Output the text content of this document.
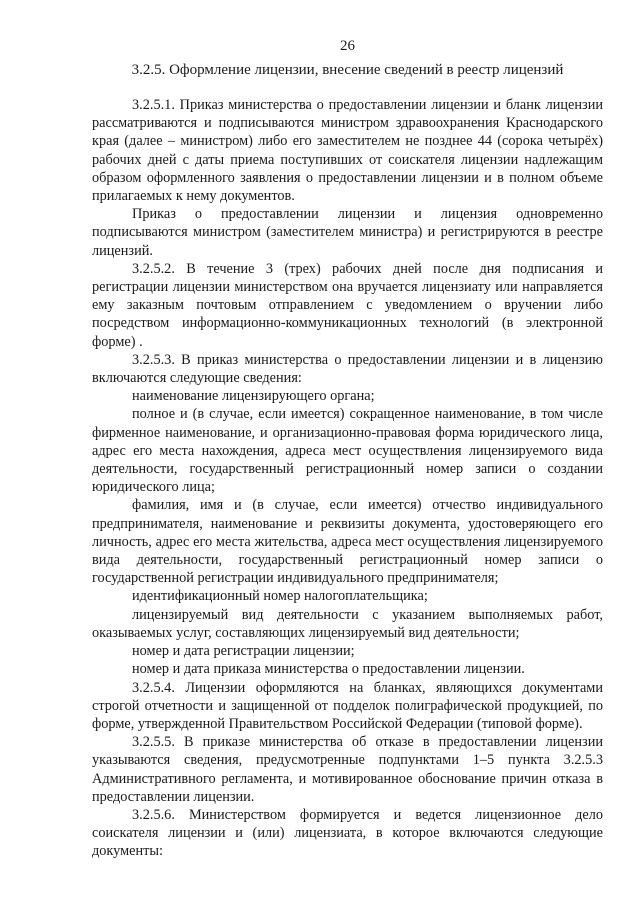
26
3.2.5. Оформление лицензии, внесение сведений в реестр лицензий

3.2.5.1. Приказ министерства о предоставлении лицензии и бланк лицензии рассматриваются и подписываются министром здравоохранения Краснодарского края (далее – министром) либо его заместителем не позднее 44 (сорока четырёх) рабочих дней с даты приема поступивших от соискателя лицензии надлежащим образом оформленного заявления о предоставлении лицензии и в полном объеме прилагаемых к нему документов.

Приказ о предоставлении лицензии и лицензия одновременно подписываются министром (заместителем министра) и регистрируются в реестре лицензий.

3.2.5.2. В течение 3 (трех) рабочих дней после дня подписания и регистрации лицензии министерством она вручается лицензиату или направляется ему заказным почтовым отправлением с уведомлением о вручении либо посредством информационно-коммуникационных технологий (в электронной форме) .

3.2.5.3. В приказ министерства о предоставлении лицензии и в лицензию включаются следующие сведения:

наименование лицензирующего органа;

полное и (в случае, если имеется) сокращенное наименование, в том числе фирменное наименование, и организационно-правовая форма юридического лица, адрес его места нахождения, адреса мест осуществления лицензируемого вида деятельности, государственный регистрационный номер записи о создании юридического лица;

фамилия, имя и (в случае, если имеется) отчество индивидуального предпринимателя, наименование и реквизиты документа, удостоверяющего его личность, адрес его места жительства, адреса мест осуществления лицензируемого вида деятельности, государственный регистрационный номер записи о государственной регистрации индивидуального предпринимателя;

идентификационный номер налогоплательщика;

лицензируемый вид деятельности с указанием выполняемых работ, оказываемых услуг, составляющих лицензируемый вид деятельности;

номер и дата регистрации лицензии;

номер и дата приказа министерства о предоставлении лицензии.

3.2.5.4. Лицензии оформляются на бланках, являющихся документами строгой отчетности и защищенной от подделок полиграфической продукцией, по форме, утвержденной Правительством Российской Федерации (типовой форме).

3.2.5.5. В приказе министерства об отказе в предоставлении лицензии указываются сведения, предусмотренные подпунктами 1–5 пункта 3.2.5.3 Административного регламента, и мотивированное обоснование причин отказа в предоставлении лицензии.

3.2.5.6. Министерством формируется и ведется лицензионное дело соискателя лицензии и (или) лицензиата, в которое включаются следующие документы:
